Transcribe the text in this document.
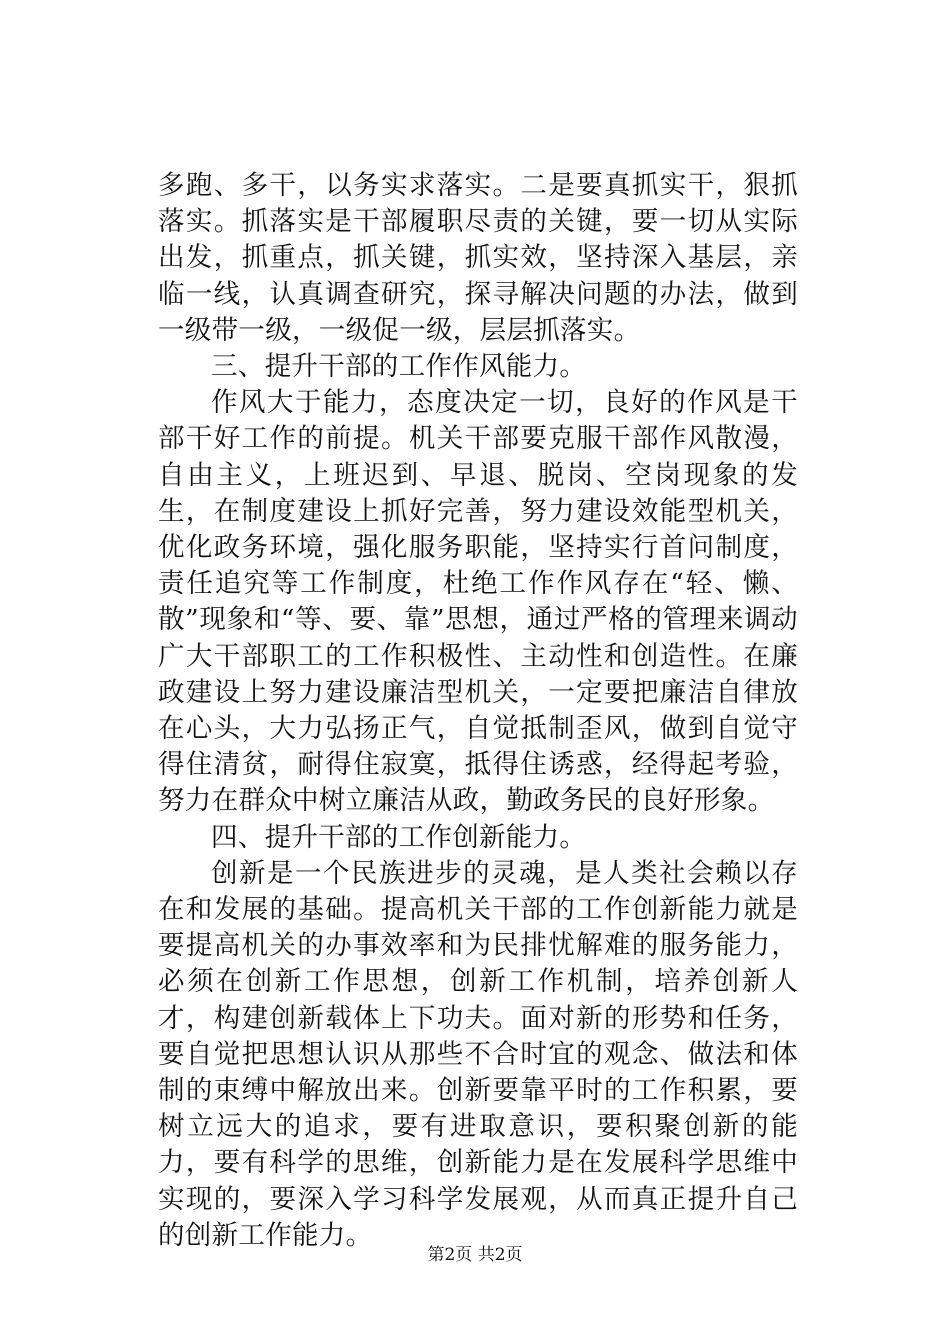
多跑、多干，以务实求落实。二是要真抓实干，狠抓落实。抓落实是干部履职尽责的关键，要一切从实际出发，抓重点，抓关键，抓实效，坚持深入基层，亲临一线，认真调查研究，探寻解决问题的办法，做到一级带一级，一级促一级，层层抓落实。

三、提升干部的工作作风能力。

作风大于能力，态度决定一切，良好的作风是干部干好工作的前提。机关干部要克服干部作风散漫，自由主义，上班迟到、早退、脱岗、空岗现象的发生，在制度建设上抓好完善，努力建设效能型机关，优化政务环境，强化服务职能，坚持实行首问制度，责任追究等工作制度，杜绝工作作风存在“轻、懒、散”现象和“等、要、靠”思想，通过严格的管理来调动广大干部职工的工作积极性、主动性和创造性。在廉政建设上努力建设廉洁型机关，一定要把廉洁自律放在心头，大力弘扬正气，自觉抵制歪风，做到自觉守得住清贫，耐得住寂寞，抵得住诱惑，经得起考验，努力在群众中树立廉洁从政，勤政务民的良好形象。

四、提升干部的工作创新能力。

创新是一个民族进步的灵魂，是人类社会赖以存在和发展的基础。提高机关干部的工作创新能力就是要提高机关的办事效率和为民排忧解难的服务能力，必须在创新工作思想，创新工作机制，培养创新人才，构建创新载体上下功夫。面对新的形势和任务，要自觉把思想认识从那些不合时宜的观念、做法和体制的束缚中解放出来。创新要靠平时的工作积累，要树立远大的追求，要有进取意识，要积聚创新的能力，要有科学的思维，创新能力是在发展科学思维中实现的，要深入学习科学发展观，从而真正提升自己的创新工作能力。

第2页 共2页
